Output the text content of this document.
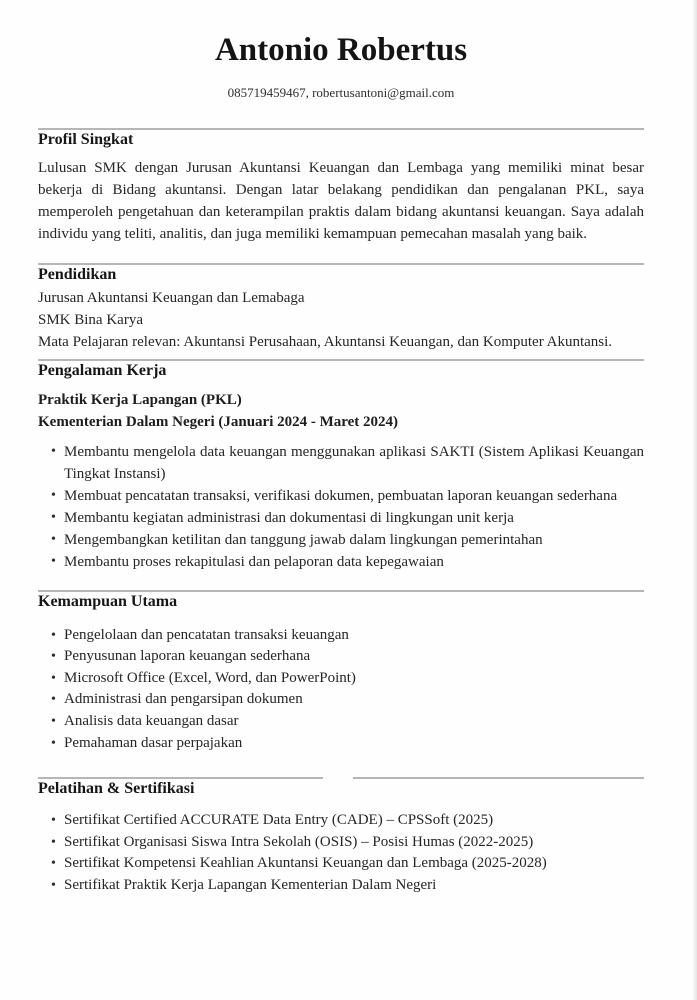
Antonio Robertus
085719459467, robertusantoni@gmail.com
Profil Singkat

Lulusan SMK dengan Jurusan Akuntansi Keuangan dan Lembaga yang memiliki minat besar bekerja di Bidang akuntansi. Dengan latar belakang pendidikan dan pengalanan PKL, saya memperoleh pengetahuan dan keterampilan praktis dalam bidang akuntansi keuangan. Saya adalah individu yang teliti, analitis, dan juga memiliki kemampuan pemecahan masalah yang baik.

Pendidikan
Jurusan Akuntansi Keuangan dan Lemabaga
SMK Bina Karya
Mata Pelajaran relevan: Akuntansi Perusahaan, Akuntansi Keuangan, dan Komputer Akuntansi.
Pengalaman Kerja
Praktik Kerja Lapangan (PKL)
Kementerian Dalam Negeri (Januari 2024 - Maret 2024)
• Membantu mengelola data keuangan menggunakan aplikasi SAKTI (Sistem Aplikasi Keuangan Tingkat Instansi)
• Membuat pencatatan transaksi, verifikasi dokumen, pembuatan laporan keuangan sederhana
• Membantu kegiatan administrasi dan dokumentasi di lingkungan unit kerja
• Mengembangkan ketilitan dan tanggung jawab dalam lingkungan pemerintahan
• Membantu proses rekapitulasi dan pelaporan data kepegawaian
Kemampuan Utama
• Pengelolaan dan pencatatan transaksi keuangan
• Penyusunan laporan keuangan sederhana
• Microsoft Office (Excel, Word, dan PowerPoint)
• Administrasi dan pengarsipan dokumen
• Analisis data keuangan dasar
• Pemahaman dasar perpajakan
Pelatihan & Sertifikasi
• Sertifikat Certified ACCURATE Data Entry (CADE) – CPSSoft (2025)
• Sertifikat Organisasi Siswa Intra Sekolah (OSIS) – Posisi Humas (2022-2025)
• Sertifikat Kompetensi Keahlian Akuntansi Keuangan dan Lembaga (2025-2028)
• Sertifikat Praktik Kerja Lapangan Kementerian Dalam Negeri
